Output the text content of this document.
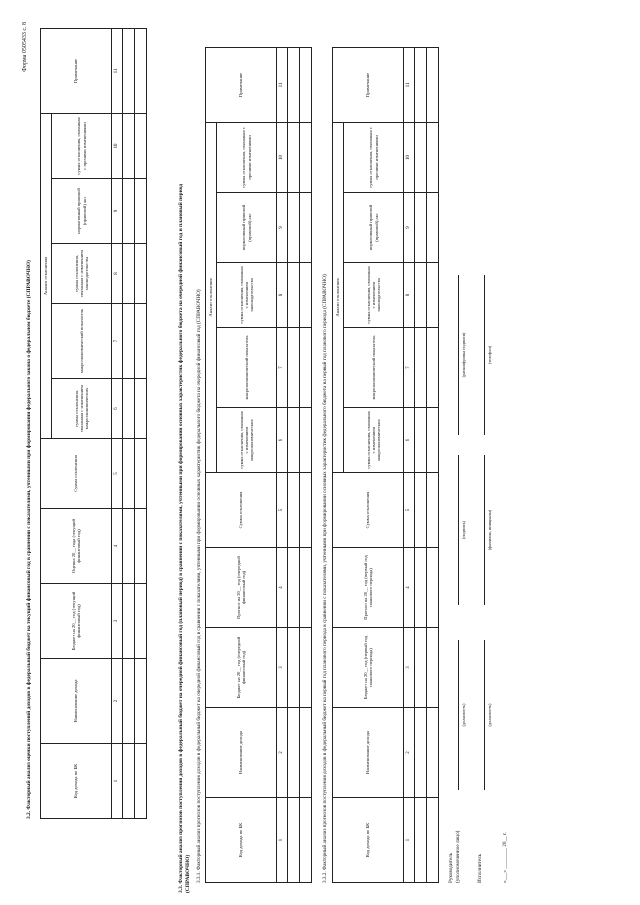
Форма 0505433 с. 8
3.2. Факторный анализ оценки поступлений доходов в федеральный бюджет на текущий финансовый год в сравнении с показателями, учтенными при формировании федерального закона о федеральном бюджете (СПРАВОЧНО)	Код дохода по БК	Наименование дохода	Бюджет на 20__ год (текущий финансовый год)	Оценка 20__ года (текущий финансовый год)	Сумма отклонения	Анализ отклонения					Примечание
					сумма отклонения, связанная с изменением макроэкономических	макроэкономический показатель	сумма отклонения, связанная с изменением законодательства	нормативный правовой (правовой) акт	сумма отклонения, связанная с прочими изменениями	
1	2	3	4	5	6	7	8	9	10	11

3.3. Факторный анализ прогнозов поступления доходов в федеральный бюджет на очередной финансовый год (плановый период) в сравнении с показателями, учтенными при формировании основных характеристик федерального бюджета на очередной финансовый год и плановый период (СПРАВОЧНО) 3.3.1. Факторный анализ прогнозов поступления доходов в федеральный бюджет на очередной финансовый год в сравнении с показателями, учтенными при формировании основных характеристик федерального бюджета на очередной финансовый год (СПРАВОЧНО)	Код дохода по БК	Наименование дохода	Бюджет на 20__ год (очередной финансовый год)	Прогноз на 20__ год (очередной финансовый год)	Сумма отклонения	Анализ отклонения					Примечание
					сумма отклонения, связанная с изменением макроэкономических	макроэкономический показатель	сумма отклонения, связанная с изменением законодательства	нормативный правовой (правовой) акт	сумма отклонения, связанная с прочими изменениями	
1	2	3	4	5	6	7	8	9	10	11

3.3.2. Факторный анализ прогнозов поступления доходов в федеральный бюджет на первый год планового периода в сравнении с показателями, учтенными при формировании основных характеристик федерального бюджета на первый год планового периода (СПРАВОЧНО)	Код дохода по БК	Наименование дохода	Бюджет на 20__ год (первый год планового периода)	Прогноз на 20__ год (первый год планового периода)	Сумма отклонения	Анализ отклонения					Примечание
					сумма отклонения, связанная с изменением макроэкономических	макроэкономический показатель	сумма отклонения, связанная с изменением законодательства	нормативный правовой (правовой) акт	сумма отклонения, связанная с прочими изменениями	
1	2	3	4	5	6	7	8	9	10	11

Руководитель (уполномоченное лицо)
(должность)
(подпись)
(расшифровка подписи)
Исполнитель
(должность)
(фамилия, инициалы)
(телефон)
«___» ________ 20__ г.
